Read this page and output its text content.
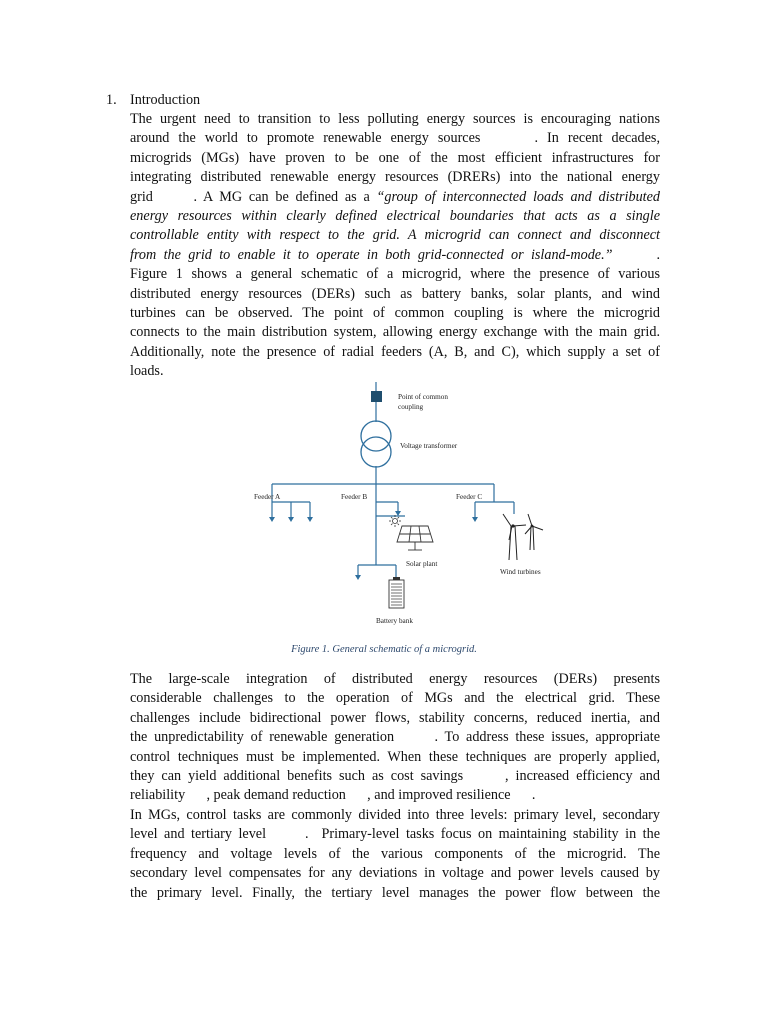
1. Introduction
The urgent need to transition to less polluting energy sources is encouraging nations
around the world to promote renewable energy sources      . In recent decades,
microgrids (MGs) have proven to be one of the most efficient infrastructures for
integrating distributed renewable energy resources (DRERs) into the national energy
grid      . A MG can be defined as a “group of interconnected loads and distributed
energy resources within clearly defined electrical boundaries that acts as a single
controllable entity with respect to the grid. A microgrid can connect and disconnect
from the grid to enable it to operate in both grid-connected or island-mode.”      .
Figure 1 shows a general schematic of a microgrid, where the presence of various
distributed energy resources (DERs) such as battery banks, solar plants, and wind
turbines can be observed. The point of common coupling is where the microgrid
connects to the main distribution system, allowing energy exchange with the main grid.
Additionally, note the presence of radial feeders (A, B, and C), which supply a set of
loads.
Point of common
coupling
Voltage transformer
Feeder A	Feeder B	Feeder C
Solar plant
Wind turbines
Battery bank
Figure 1. General schematic of a microgrid.
The large-scale integration of distributed energy resources (DERs) presents
considerable challenges to the operation of MGs and the electrical grid. These
challenges include bidirectional power flows, stability concerns, reduced inertia, and
the unpredictability of renewable generation      . To address these issues, appropriate
control techniques must be implemented. When these techniques are properly applied,
they can yield additional benefits such as cost savings      , increased efficiency and
reliability      , peak demand reduction      , and improved resilience      .
In MGs, control tasks are commonly divided into three levels: primary level, secondary
level and tertiary level      .  Primary-level tasks focus on maintaining stability in the
frequency and voltage levels of the various components of the microgrid. The
secondary level compensates for any deviations in voltage and power levels caused by
the primary level. Finally, the tertiary level manages the power flow between the
